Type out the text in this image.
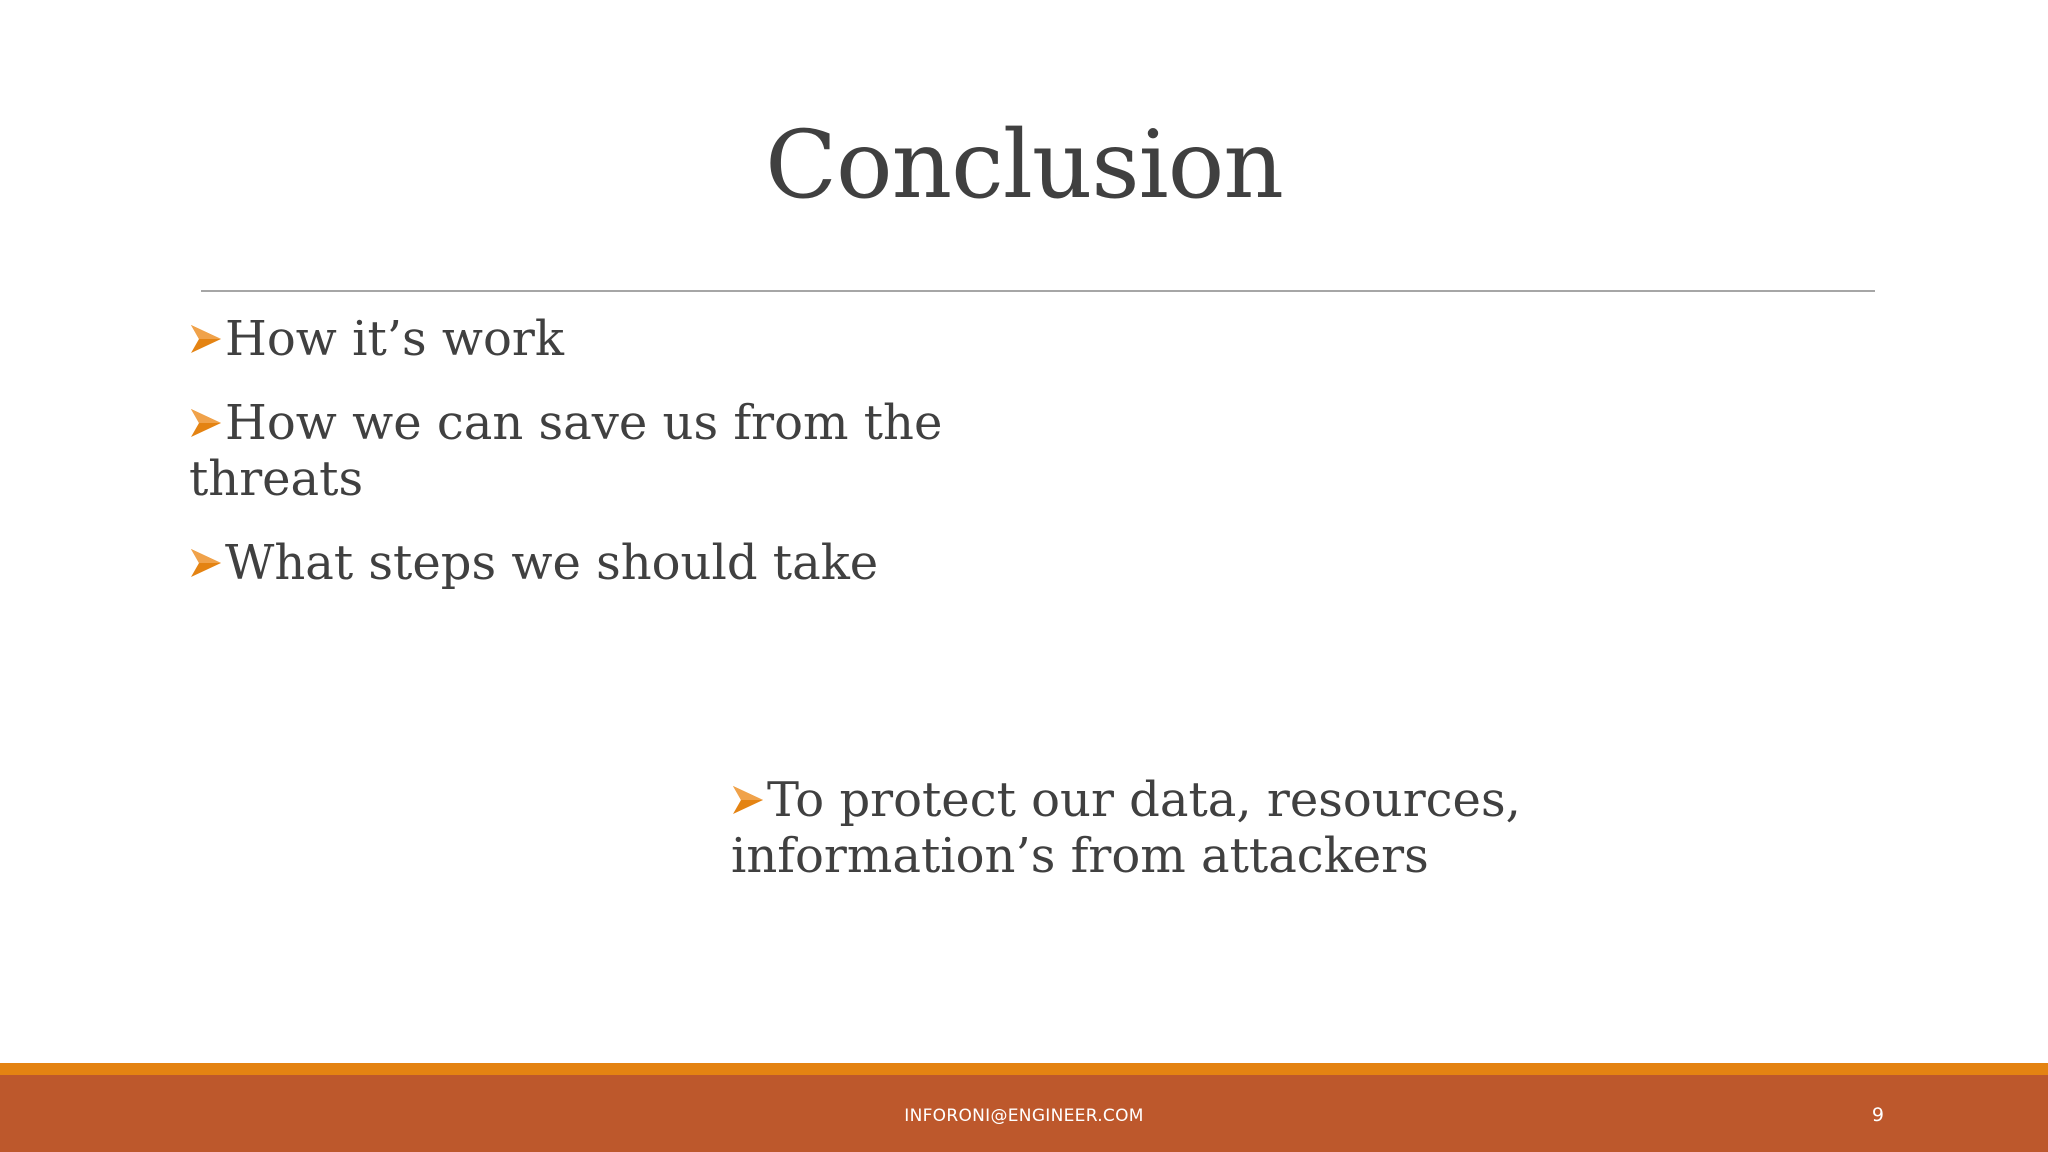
Conclusion
How it’s work
How we can save us from the threats
What steps we should take
To protect our data, resources, information’s from attackers
INFORONI@ENGINEER.COM	9
